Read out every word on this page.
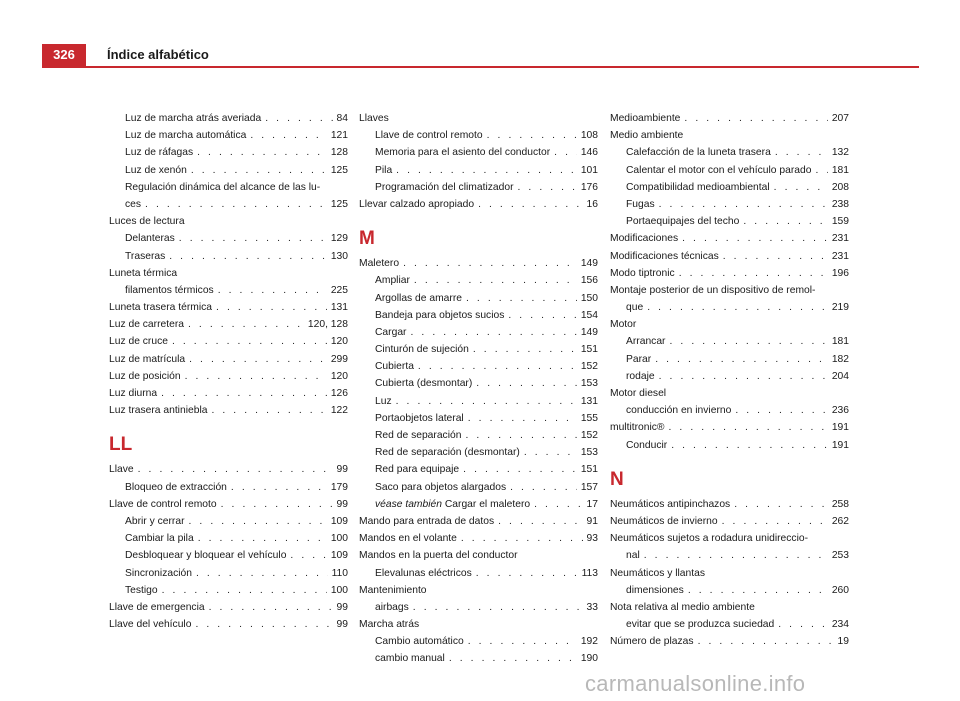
326	Índice alfabético
Luz de marcha atrás averiada . . .	84
Luz de marcha automática . . .	121
Luz de ráfagas . . .	128
Luz de xenón . . .	125
Regulación dinámica del alcance de las lu-
ces . . .	125
Luces de lectura
Delanteras . . .	129
Traseras . . .	130
Luneta térmica
filamentos térmicos . . .	225
Luneta trasera térmica . . .	131
Luz de carretera . . .	120, 128
Luz de cruce . . .	120
Luz de matrícula . . .	299
Luz de posición . . .	120
Luz diurna . . .	126
Luz trasera antiniebla . . .	122
LL
Llave . . .	99
Bloqueo de extracción . . .	179
Llave de control remoto . . .	99
Abrir y cerrar . . .	109
Cambiar la pila . . .	100
Desbloquear y bloquear el vehículo . . .	109
Sincronización . . .	110
Testigo . . .	100
Llave de emergencia . . .	99
Llave del vehículo . . .	99
Llaves
Llave de control remoto . . .	108
Memoria para el asiento del conductor . . .	146
Pila . . .	101
Programación del climatizador . . .	176
Llevar calzado apropiado . . .	16
M
Maletero . . .	149
Ampliar . . .	156
Argollas de amarre . . .	150
Bandeja para objetos sucios . . .	154
Cargar . . .	149
Cinturón de sujeción . . .	151
Cubierta . . .	152
Cubierta (desmontar) . . .	153
Luz . . .	131
Portaobjetos lateral . . .	155
Red de separación . . .	152
Red de separación (desmontar) . . .	153
Red para equipaje . . .	151
Saco para objetos alargados . . .	157
véase también Cargar el maletero . . .	17
Mando para entrada de datos . . .	91
Mandos en el volante . . .	93
Mandos en la puerta del conductor
Elevalunas eléctricos . . .	113
Mantenimiento
airbags . . .	33
Marcha atrás
Cambio automático . . .	192
cambio manual . . .	190
Medioambiente . . .	207
Medio ambiente
Calefacción de la luneta trasera . . .	132
Calentar el motor con el vehículo parado . . . 181
Compatibilidad medioambiental . . .	208
Fugas . . .	238
Portaequipajes del techo . . .	159
Modificaciones . . .	231
Modificaciones técnicas . . .	231
Modo tiptronic . . .	196
Montaje posterior de un dispositivo de remol-
que . . .	219
Motor
Arrancar . . .	181
Parar . . .	182
rodaje . . .	204
Motor diesel
conducción en invierno . . .	236
multitronic® . . .	191
Conducir . . .	191
N
Neumáticos antipinchazos . . .	258
Neumáticos de invierno . . .	262
Neumáticos sujetos a rodadura unidireccio-
nal . . .	253
Neumáticos y llantas
dimensiones . . .	260
Nota relativa al medio ambiente
evitar que se produzca suciedad . . .	234
Número de plazas . . .	19
carmanualsonline.info
